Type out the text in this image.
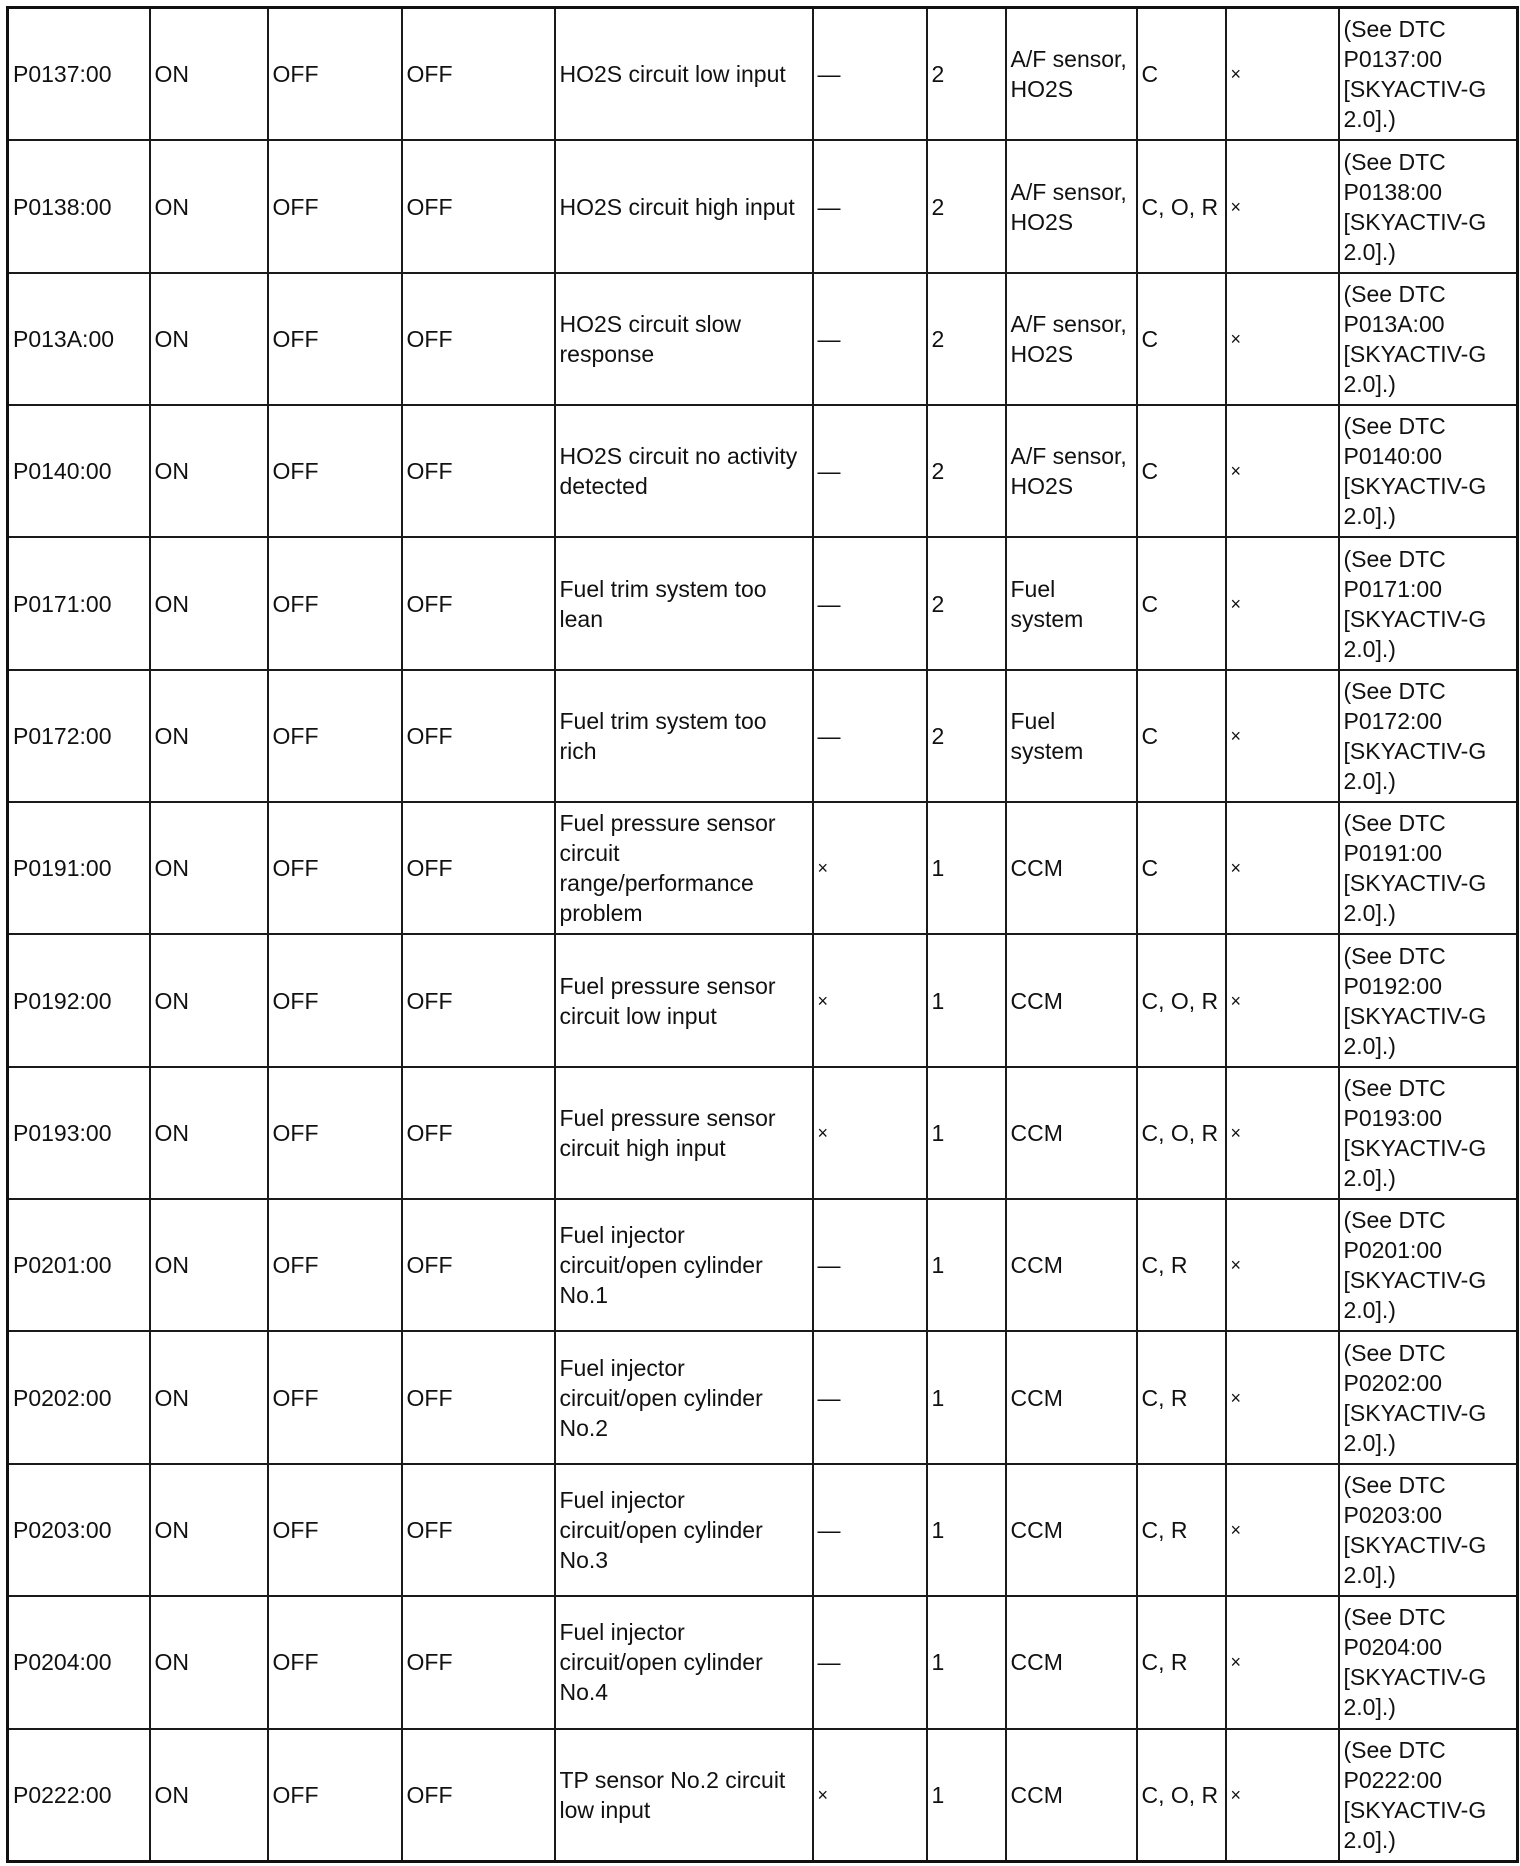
P0137:00	ON	OFF	OFF	HO2S circuit low input	—	2	A/F sensor, HO2S	C	×	(See DTC P0137:00 [SKYACTIV-G 2.0].)
P0138:00	ON	OFF	OFF	HO2S circuit high input	—	2	A/F sensor, HO2S	C, O, R	×	(See DTC P0138:00 [SKYACTIV-G 2.0].)
P013A:00	ON	OFF	OFF	HO2S circuit slow response	—	2	A/F sensor, HO2S	C	×	(See DTC P013A:00 [SKYACTIV-G 2.0].)
P0140:00	ON	OFF	OFF	HO2S circuit no activity detected	—	2	A/F sensor, HO2S	C	×	(See DTC P0140:00 [SKYACTIV-G 2.0].)
P0171:00	ON	OFF	OFF	Fuel trim system too lean	—	2	Fuel system	C	×	(See DTC P0171:00 [SKYACTIV-G 2.0].)
P0172:00	ON	OFF	OFF	Fuel trim system too rich	—	2	Fuel system	C	×	(See DTC P0172:00 [SKYACTIV-G 2.0].)
P0191:00	ON	OFF	OFF	Fuel pressure sensor circuit range/performance problem	×	1	CCM	C	×	(See DTC P0191:00 [SKYACTIV-G 2.0].)
P0192:00	ON	OFF	OFF	Fuel pressure sensor circuit low input	×	1	CCM	C, O, R	×	(See DTC P0192:00 [SKYACTIV-G 2.0].)
P0193:00	ON	OFF	OFF	Fuel pressure sensor circuit high input	×	1	CCM	C, O, R	×	(See DTC P0193:00 [SKYACTIV-G 2.0].)
P0201:00	ON	OFF	OFF	Fuel injector circuit/open cylinder No.1	—	1	CCM	C, R	×	(See DTC P0201:00 [SKYACTIV-G 2.0].)
P0202:00	ON	OFF	OFF	Fuel injector circuit/open cylinder No.2	—	1	CCM	C, R	×	(See DTC P0202:00 [SKYACTIV-G 2.0].)
P0203:00	ON	OFF	OFF	Fuel injector circuit/open cylinder No.3	—	1	CCM	C, R	×	(See DTC P0203:00 [SKYACTIV-G 2.0].)
P0204:00	ON	OFF	OFF	Fuel injector circuit/open cylinder No.4	—	1	CCM	C, R	×	(See DTC P0204:00 [SKYACTIV-G 2.0].)
P0222:00	ON	OFF	OFF	TP sensor No.2 circuit low input	×	1	CCM	C, O, R	×	(See DTC P0222:00 [SKYACTIV-G 2.0].)
